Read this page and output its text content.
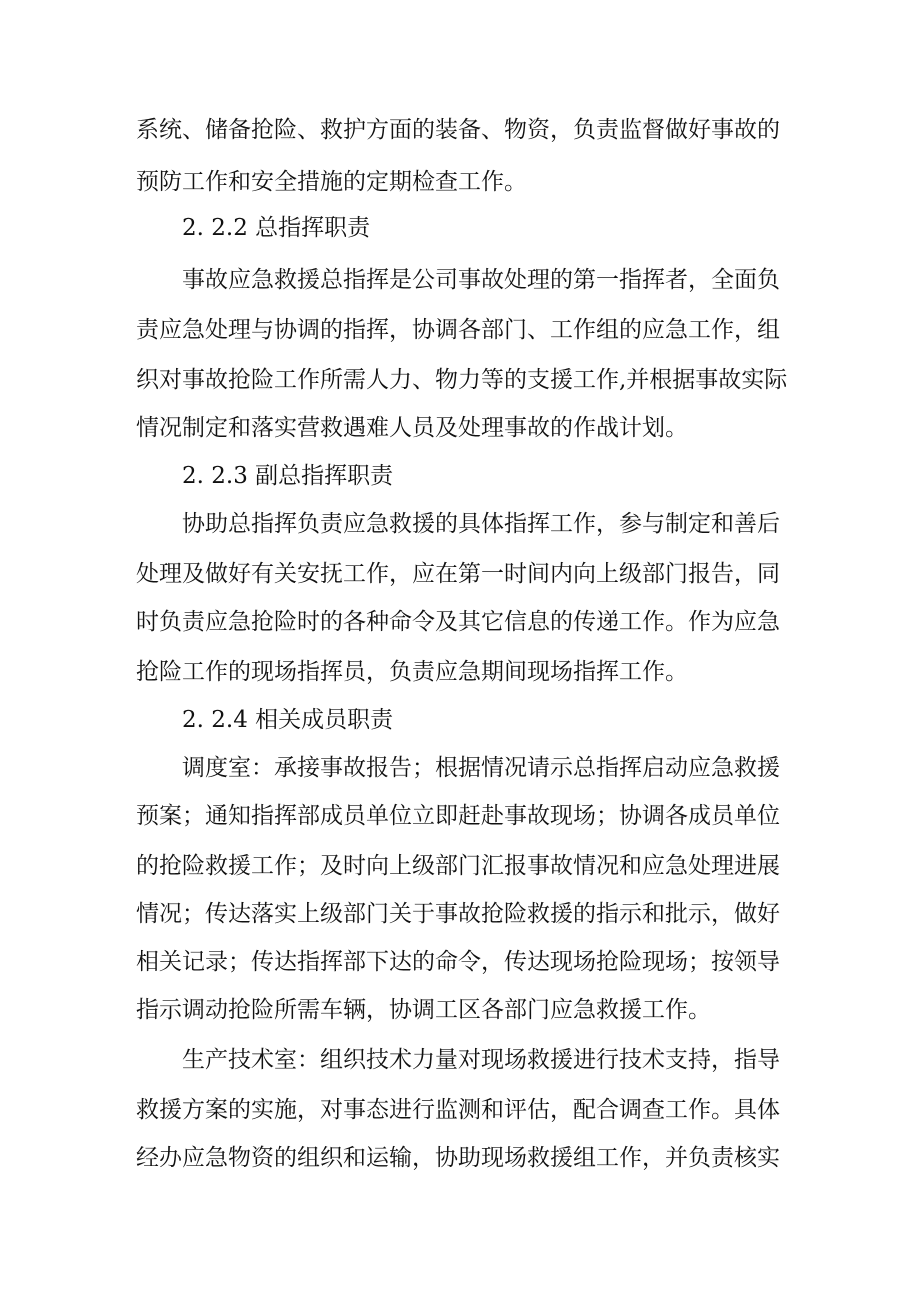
系统、储备抢险、救护方面的装备、物资，负责监督做好事故的
预防工作和安全措施的定期检查工作。
2. 2.2 总指挥职责
事故应急救援总指挥是公司事故处理的第一指挥者，全面负
责应急处理与协调的指挥，协调各部门、工作组的应急工作，组
织对事故抢险工作所需人力、物力等的支援工作,并根据事故实际
情况制定和落实营救遇难人员及处理事故的作战计划。
2. 2.3 副总指挥职责
协助总指挥负责应急救援的具体指挥工作，参与制定和善后
处理及做好有关安抚工作，应在第一时间内向上级部门报告，同
时负责应急抢险时的各种命令及其它信息的传递工作。作为应急
抢险工作的现场指挥员，负责应急期间现场指挥工作。
2. 2.4 相关成员职责
调度室：承接事故报告；根据情况请示总指挥启动应急救援
预案；通知指挥部成员单位立即赶赴事故现场；协调各成员单位
的抢险救援工作；及时向上级部门汇报事故情况和应急处理进展
情况；传达落实上级部门关于事故抢险救援的指示和批示，做好
相关记录；传达指挥部下达的命令，传达现场抢险现场；按领导
指示调动抢险所需车辆，协调工区各部门应急救援工作。
生产技术室：组织技术力量对现场救援进行技术支持，指导
救援方案的实施，对事态进行监测和评估，配合调查工作。具体
经办应急物资的组织和运输，协助现场救援组工作，并负责核实
